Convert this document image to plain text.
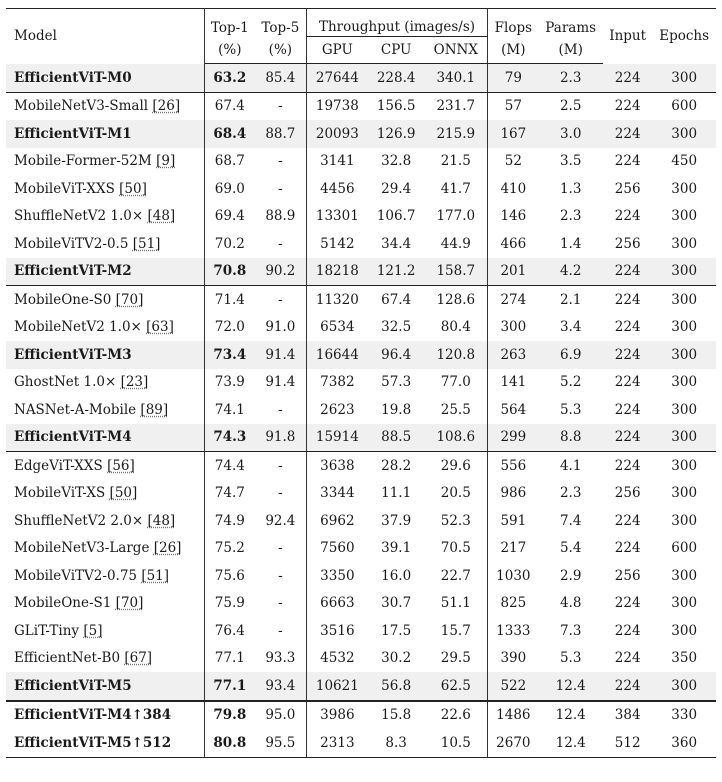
Model	Top-1	Top-5	Throughput (images/s)			Flops	Params	Input	Epochs
	(%)	(%)	GPU	CPU	ONNX	(M)	(M)		
EfficientViT-M0	63.2	85.4	27644	228.4	340.1	79	2.3	224	300
MobileNetV3-Small [26]	67.4	-	19738	156.5	231.7	57	2.5	224	600
EfficientViT-M1	68.4	88.7	20093	126.9	215.9	167	3.0	224	300
Mobile-Former-52M [9]	68.7	-	3141	32.8	21.5	52	3.5	224	450
MobileViT-XXS [50]	69.0	-	4456	29.4	41.7	410	1.3	256	300
ShuffleNetV2 1.0× [48]	69.4	88.9	13301	106.7	177.0	146	2.3	224	300
MobileViTV2-0.5 [51]	70.2	-	5142	34.4	44.9	466	1.4	256	300
EfficientViT-M2	70.8	90.2	18218	121.2	158.7	201	4.2	224	300
MobileOne-S0 [70]	71.4	-	11320	67.4	128.6	274	2.1	224	300
MobileNetV2 1.0× [63]	72.0	91.0	6534	32.5	80.4	300	3.4	224	300
EfficientViT-M3	73.4	91.4	16644	96.4	120.8	263	6.9	224	300
GhostNet 1.0× [23]	73.9	91.4	7382	57.3	77.0	141	5.2	224	300
NASNet-A-Mobile [89]	74.1	-	2623	19.8	25.5	564	5.3	224	300
EfficientViT-M4	74.3	91.8	15914	88.5	108.6	299	8.8	224	300
EdgeViT-XXS [56]	74.4	-	3638	28.2	29.6	556	4.1	224	300
MobileViT-XS [50]	74.7	-	3344	11.1	20.5	986	2.3	256	300
ShuffleNetV2 2.0× [48]	74.9	92.4	6962	37.9	52.3	591	7.4	224	300
MobileNetV3-Large [26]	75.2	-	7560	39.1	70.5	217	5.4	224	600
MobileViTV2-0.75 [51]	75.6	-	3350	16.0	22.7	1030	2.9	256	300
MobileOne-S1 [70]	75.9	-	6663	30.7	51.1	825	4.8	224	300
GLiT-Tiny [5]	76.4	-	3516	17.5	15.7	1333	7.3	224	300
EfficientNet-B0 [67]	77.1	93.3	4532	30.2	29.5	390	5.3	224	350
EfficientViT-M5	77.1	93.4	10621	56.8	62.5	522	12.4	224	300
EfficientViT-M4↑384	79.8	95.0	3986	15.8	22.6	1486	12.4	384	330
EfficientViT-M5↑512	80.8	95.5	2313	8.3	10.5	2670	12.4	512	360
